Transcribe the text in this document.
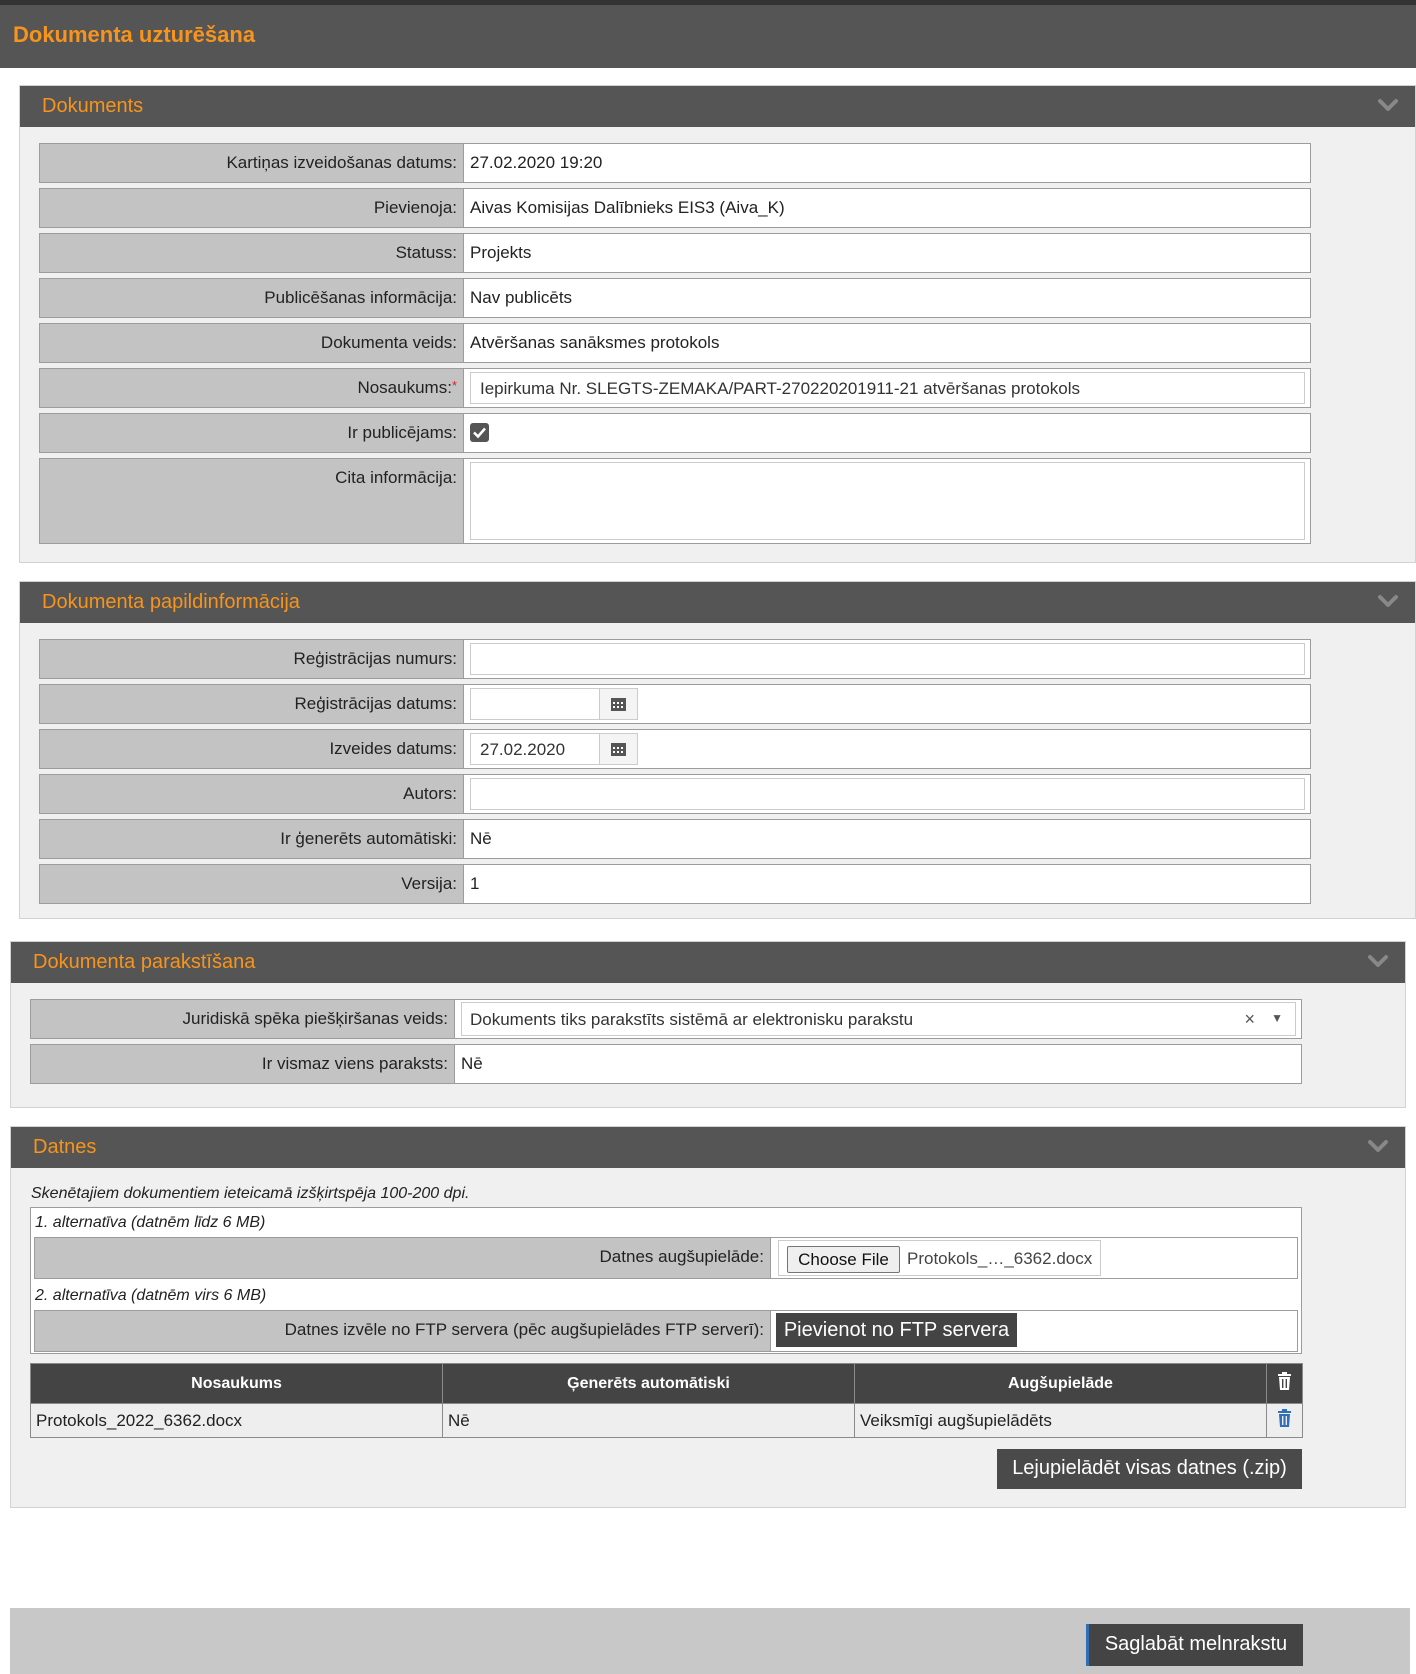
Dokumenta uzturēšana
Dokuments
Kartiņas izveidošanas datums: 27.02.2020 19:20
Pievienoja: Aivas Komisijas Dalībnieks EIS3 (Aiva_K)
Statuss: Projekts
Publicēšanas informācija: Nav publicēts
Dokumenta veids: Atvēršanas sanāksmes protokols
Nosaukums:*	Iepirkuma Nr. SLEGTS-ZEMAKA/PART-270220201911-21 atvēršanas protokols
Ir publicējams:
Cita informācija:
Dokumenta papildinformācija
Reģistrācijas numurs:
Reģistrācijas datums:
Izveides datums:	27.02.2020
Autors:
Ir ģenerēts automātiski: Nē
Versija: 1
Dokumenta parakstīšana
Juridiskā spēka piešķiršanas veids:	Dokuments tiks parakstīts sistēmā ar elektronisku parakstu	× ▼
Ir vismaz viens paraksts: Nē
Datnes
Skenētajiem dokumentiem ieteicamā izšķirtspēja 100-200 dpi.
1. alternatīva (datnēm līdz 6 MB)
Datnes augšupielāde:	Choose File	Protokols_…_6362.docx
2. alternatīva (datnēm virs 6 MB)
Datnes izvēle no FTP servera (pēc augšupielādes FTP serverī): Pievienot no FTP servera
Nosaukums	Ģenerēts automātiski	Augšupielāde	
Protokols_2022_6362.docx	Nē	Veiksmīgi augšupielādēts	
Lejupielādēt visas datnes (.zip)
Saglabāt melnrakstu
